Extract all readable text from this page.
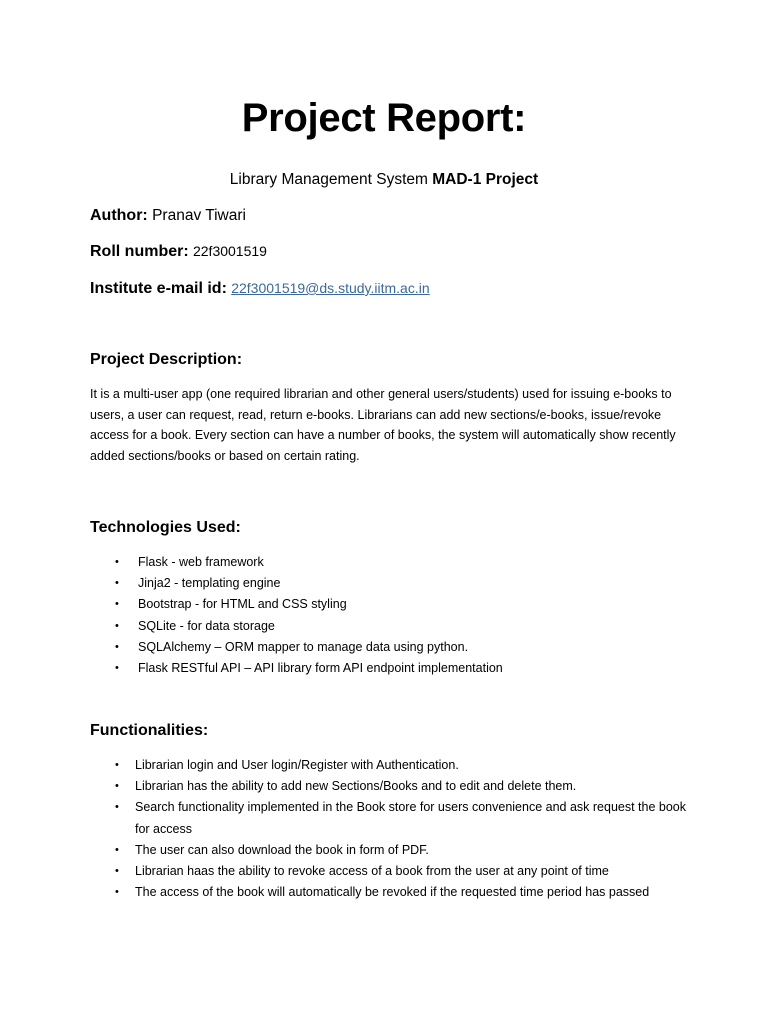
Project Report:
Library Management System MAD-1 Project
Author: Pranav Tiwari
Roll number: 22f3001519
Institute e-mail id: 22f3001519@ds.study.iitm.ac.in
Project Description:

It is a multi-user app (one required librarian and other general users/students) used for issuing e-books to users, a user can request, read, return e-books. Librarians can add new sections/e-books, issue/revoke access for a book. Every section can have a number of books, the system will automatically show recently added sections/books or based on certain rating.

Technologies Used:
• Flask - web framework
• Jinja2 - templating engine
• Bootstrap - for HTML and CSS styling
• SQLite - for data storage
• SQLAlchemy – ORM mapper to manage data using python.
• Flask RESTful API – API library form API endpoint implementation
Functionalities:
• Librarian login and User login/Register with Authentication.
• Librarian has the ability to add new Sections/Books and to edit and delete them.
• Search functionality implemented in the Book store for users convenience and ask request the book for access
• The user can also download the book in form of PDF.
• Librarian haas the ability to revoke access of a book from the user at any point of time
• The access of the book will automatically be revoked if the requested time period has passed
